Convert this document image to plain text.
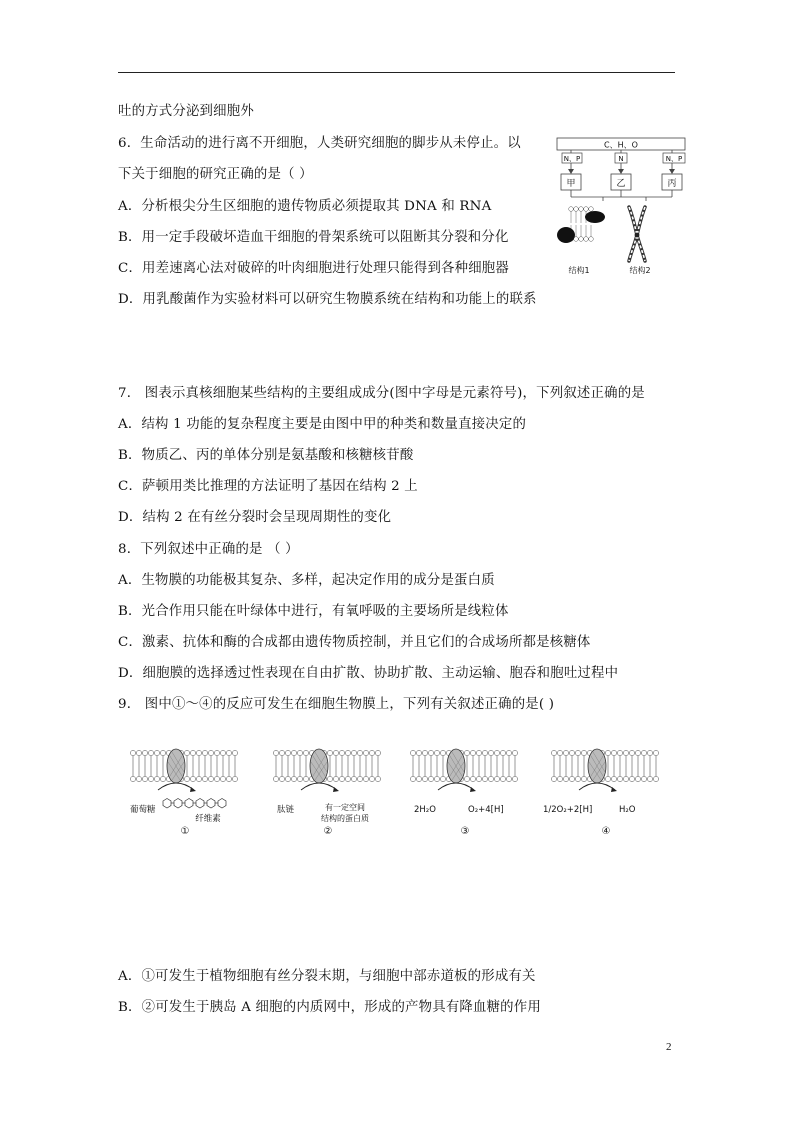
吐的方式分泌到细胞外
6．生命活动的进行离不开细胞，人类研究细胞的脚步从未停止。以
下关于细胞的研究正确的是（ ）
A．分析根尖分生区细胞的遗传物质必须提取其 DNA 和 RNA
B．用一定手段破坏造血干细胞的骨架系统可以阻断其分裂和分化
C．用差速离心法对破碎的叶肉细胞进行处理只能得到各种细胞器
D．用乳酸菌作为实验材料可以研究生物膜系统在结构和功能上的联系
7． 图表示真核细胞某些结构的主要组成成分(图中字母是元素符号)，下列叙述正确的是
A．结构 1 功能的复杂程度主要是由图中甲的种类和数量直接决定的
B．物质乙、丙的单体分别是氨基酸和核糖核苷酸
C．萨顿用类比推理的方法证明了基因在结构 2 上
D．结构 2 在有丝分裂时会呈现周期性的变化
8．下列叙述中正确的是 （ ）
A．生物膜的功能极其复杂、多样，起决定作用的成分是蛋白质
B．光合作用只能在叶绿体中进行，有氧呼吸的主要场所是线粒体
C．激素、抗体和酶的合成都由遗传物质控制，并且它们的合成场所都是核糖体
D．细胞膜的选择透过性表现在自由扩散、协助扩散、主动运输、胞吞和胞吐过程中
9． 图中①～④的反应可发生在细胞生物膜上，下列有关叙述正确的是( )
A．①可发生于植物细胞有丝分裂末期，与细胞中部赤道板的形成有关
B．②可发生于胰岛 A 细胞的内质网中，形成的产物具有降血糖的作用
2
C、H、O
N、P	N	N、P
甲	乙	丙
结构1	结构2
葡萄糖
纤维素
①
肽链	有一定空间
结构的蛋白质
②
2H₂O	O₂+4[H]
③
1/2O₂+2[H]	H₂O
④
